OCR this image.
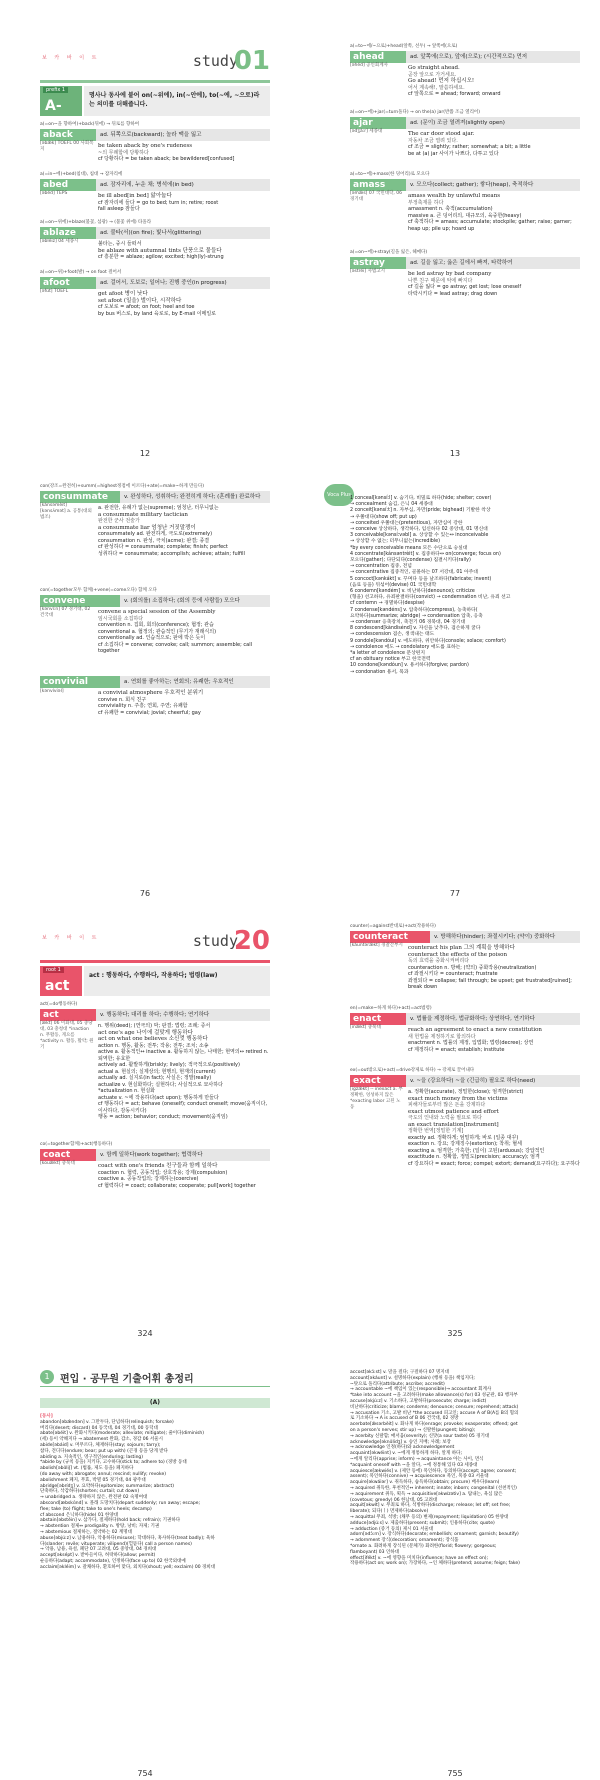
보 카 바 이 트	study
01
prefix 1
A-
명사나 동사에 붙어 on(~위에), in(~안에), to(~에, ~으로)라는 의미를 더해줍니다.
a(=on~을 향하여)+back(뒤에) → 뒤로를 향하여
aback	ad. 뒤쪽으로(backward); 놀라 맥을 잃고
[əbǽk] TOEFL 00 사회복지
be taken aback by one's rudeness
~의 무례함에 당황하다
cf 당황하다 = be taken aback; be bewildered[confused]
a(=in~에)+bed(침대), 침대 → 잠자리에
abed	ad. 잠자리에, 누운 채; 병석에(in bed)
[əbéd] TEPS	be ill abed[in bed] 앓아눕다
cf 잠자리에 들다 = go to bed; turn in; retire; roost
fall asleep 잠들다
a(=on~위에)+blaze(불꽃, 섬광) → (불꽃 위에) 타올라
ablaze	ad. 불타(서)(on fire); 빛나서(glittering)
[əbléiz] 04 세종시	불타는, 중시 들떠서
be ablaze with autumnal tints 단풍으로 물들다
cf 흥분한 = ablaze; agilow; excited; high(ly)-strung
a(=on~위)+foot(발) → on foot 걸어서
afoot	ad. 걸어서, 도보로; 일어나; 진행 중인(in progress)
[əfút] TOEFL	get afoot 병이 낫다
set afoot (일을) 벌이다, 시작하다
cf 도보로 = afoot; on foot; heel and toe
by bus 버스로, by land 육로로, by E-mail 이메일로
12
a(=to~에/~으로)+head(앞쪽, 선두) → 앞쪽에(으로)
ahead	ad. 앞쪽에(으로), 앞에(으로); (시간적으로) 먼저
[əhéd] 공인회계사	Go straight ahead.
곧장 앞으로 가거세요.
Go ahead! 먼저 하십시오!
어서 계속해!, 말씀하세요.
cf 앞쪽으로 = ahead; forward; onward
a(=on~에)+jar(=turn돌다) → on the(a) jar(반쯤 조금 열리어)
ajar	ad. (문이) 조금 열려져(slightly open)
[ədʒáːr] 세종대	The car door stood ajar.
자동차 조금 열려 있다.
cf 조금 = slightly; rather; somewhat; a bit; a little
be at (a) jar 사이가 나쁘다, 다투고 있다
a(=to~에)+mass(한 덩어리)로 모으다
amass	v. 모으다(collect; gather); 쌓다(heap), 축적하다
[əmǽs] 07 국민대학, 06 경기대
amass wealth by unlawful means
부정축재를 하다
amassment n. 축적(accumulation)
massive a. 큰 덩어리의, 대규모의, 육중한(heavy)
cf 축적하다 = amass; accumulate; stockpile; gather; raise; garner; heap up; pile up; hoard up
a(=on~에)+stray(길을 잃은, 헤매다)
astray	ad. 길을 잃고; 옳은 길에서 빠져, 타락하여
[əstréi] 사법고시	be led astray by bad company
나쁜 친구 때문에 악에 빠지다
cf 길을 잃다 = go astray; get lost; lose oneself
타락시키다 = lead astray; drag down
13
con(강조=완전히)+summ(=highest정점에 이르다)+ate(=make~하게 만들다)
consummate	v. 완성하다, 성취하다; 완전히게 하다; (혼례를) 완료하다
[kánsəmèit] [kənsʌ́mət] a. 공통(대외법조)
a. 완전한, 유례가 없는(supreme); 엄청난, 터무니없는
a consummate military tactician
완전한 군사 전술가
a consummate liar 엄청난 거짓말쟁이
consummately ad. 완전하게, 극도로(extremely)
consummation n. 완성, 극치(acme); 완결; 종결
cf 완성하다 = consummate; complete; finish; perfect
성취하다 = consummate; accomplish; achieve; attain; fulfill
con(=together모두 함께)+vene(=come오다) 함께 오다
convene	v. (회의를) 소집하다; (회의 등에 사람들) 모으다
[kənvíːn] 07 경기대, 02 건국대
convene a special session of the Assembly
임시국회를 소집하다
convention n. 집회, 회의(conference); 협정; 관습
conventional a. 협정의; 관습적인 (무기가 재래식의)
conventionally ad. 인습적으로; 판에 박은 듯이
cf 소집하다 = convene; convoke; call; summon; assemble; call together
convivial	a. 연회를 좋아하는; 연회의; 유쾌한; 우호적인
[kənvíviəl]	a convivial atmosphere 우호적인 분위기
convive n. 회식 친구
conviviality n. 주흥; 연회, 주연; 유쾌함
cf 유쾌한 = convivial; jovial; cheerful; gay
76
Voca Plus
1 conceal[kənsíːl] v. 숨기다, 비밀로 하다(hide; shelter; cover)
→ concealment 숨김, 은닉 04 세종대
2 conceit[kənsíːt] n. 자부심, 자만(pride; bighead) 기발한 착상
→ 우쭐대다(show off; put up)
→ conceited 우쭐대는(pretentious), 자만심이 강한
→ conceive 상상하다, 생각하다, 임신하다 02 중앙대, 01 명신대
3 conceivable[kənsíːvəbl] a. 상상할 수 있는↔ inconceivable
→ 상상할 수 없는; 터무니없는(incredible)
*by every conceivable means 모든 수단으로 숭실대
4 concentrate[kánsəntrèit] v. 집중하다↔ on(converge; focus on)
모으다(gather); 다단되다(condense) 집결시키다(rally)
→ concentration 집중, 전념
→ concentrative 집중적인, 골몰하는 07 서강대, 01 아주대
5 concoct[kənkákt] v. 꾸며다 등을 날조하다(fabricate; invent)
(음료 등을) 뒤섞어(devise) 01 국민대학
6 condemn[kəndém] v. 비난하다(denounce); criticize
(형을) 선고하다, 유죄판결하다(convict) → condemnation 비난, 유죄 선고
cf contemn → 경멸하다(despise)
7 condense[kəndéns] v. 압축하다(compress), 농축하다(
요약하다(summarize; abridge) → condensation 압축, 응축
→ condenser 응축장치, 축전기 06 경북대, 04 경기대
8 condescend[kàndisénd] v. 자신을 낮추다, 겸손하게 굴다
→ condescension 겸손, 생색내는 태도
9 condole[kəndóul] v. 애도하다, 위안하다(console; solace; comfort)
→ condolence 애도 → condolatory 애도를 표하는
*a letter of condolence 문상편지
cf an obituary notice 부고 한국전력
10 condone[kəndóun] v. 용서하다(forgive; pardon)
→ condonation 용서, 묵과
77
보 카 바 이 트	study
20
root 1
act
act : 행동하다, 수행하다, 작용하다; 법령(law)
act(=do행동하다)
act	v. 행동하다; 대리를 하다; 수행하다; 연기하다
[ækt] 06 이화대, 05 충당대, 03 충청대 *inaction n. 무활동, 게으름 *activity n. 활동, 활약; 원기
n. 행위(deed); (연극의) 막; 판결; 법령; 조례; 증서
act one's age 나이에 걸맞게 행동하다
act on what one believes 소신껏 행동하다
action n. 행동, 활동; 전투; 작용; 전투; 조치; 소송
active a. 활동적인↔ inactive a. 활동하지 않는, 나태한; 현역의↔ retired n. 퇴역한; 유효한
actively ad. 활발하게(briskly; lively); 적극적으로(positively)
actual a. 현실의; 실제상의; 현행의, 현재의(current)
actually ad. 실지로(in fact); 사실은; 정말(really)
actualize v. 현실화하다; 실현하다; 사실적으로 묘사하다
*actualization n. 현실화
actuate v. ~에 작용하다(act upon); 행동하게 만들다
cf 행동하다 = act; behave (oneself); conduct oneself; move(움직이다, 이사하다, 감동시키다)
행동 = action; behavior; conduct; movement(움직임)
co(=together함께)+act(행동하다)
coact	v. 함께 일하다(work together); 협력하다
[kouǽkt] 충북대	coact with one's friends 친구들과 함께 일하다
coaction n. 협력, 공동작업; 상호작용; 강제(compulsion)
coactive a. 공동작업의; 강제하는(coercive)
cf 협력하다 = coact; collaborate; cooperate; pull[work] together
324
counter(=against반대로)+act(작용하다)
counteract	v. 방해하다(hinder); 좌절시키다; (약이) 중화하다
[kàuntərǽkt] 경찰간부시 counteract his plan 그의 계획을 방해하다
counteract the effects of the poison
독의 효력을 중화시켜버리다
counteraction n. 방해; (약의) 중화작용(neutralization)
cf 좌절시키다 = counteract; frustrate
좌절되다 = collapse; fall through; be upset; get frustrated[ruined]; break down
en(=make~하게 하다)+act(=act법령)
enact	v. 법률을 제정하다, 법규화하다; 상연하다, 연기하다
[inǽkt] 충북대	reach an agreement to enact a new constitution
새 헌법을 제정하기로 합의하다
enactment n. 법률의 제정, 입법화; 법령(decree); 상연
cf 제정하다 = enact; establish; institute
ex(=out밖으로)+act(=drive강제로 하다) → 강제로 끌어내다
exact	v. ~을 (강요하다) ~을 (긴급히) 필요로 하다(need)
[igzǽkt] -- inexact a. 부정확한, 엉성하지 않은 *exacting labor 고된 노동
a. 정확한(accurate), 정밀한(close); 엄격한(strict)
exact much money from the victims
피해자들로부터 많은 돈을 강제하다
exact utmost patience and effort
극도의 인내와 노력을 필요로 하다
an exact translation[instrument]
정확한 번역[정밀한 기계]
exactly ad. 정확하게; 엄밀하게; 바로 (일종 대꾸)
exaction n. 강요; 강제징수(extortion); 착취; 혈세
exacting a. 엄격한; 가혹한; (일이) 고된(arduous); 강압적인
exactitude n. 정확함, 정밀도(precision; accuracy); 엄격
cf 강요하다 = exact; force; compel; extort; demand(요구하다); 요구하다
325
1	편입 · 공무원 기출어휘 총정리
(A)
[동사]
abandon[əbǽndən] v. 그만두다, 단념하다(relinquish; forsake)
버리다(desert; discard) 04 동국대, 04 경기대, 00 동덕대
abate[əbéit] v. 완화시키다(moderate; alleviate; mitigate); 줄이다(diminish)
(세) 등이 약해지다 → abatement 완화, 감소, 경감 06 서울시
abide[əbáid] v. 머무르다, 체재하다(stay; sojourn; tarry);
참다, 견디다(endure; bear; put up with) (곤경 등을 당게 받다
abiding a. 지속적인, 영구적인(enduring; lasting)
*abide by (규칙 등을) 지키다, 고수하다(stick to; adhere to) (경방 동대
abolish[əbɑ́liʃ] vt. (법률, 제도 등을) 폐지하다
(do away with; abrogate; annul; rescind; nullify; revoke)
abolishment 폐지, 무효, 박멸 05 경기대, 04 광주대
abridge[əbrídʒ] v. 요약하다(epitomize; summarize; abstract)
단축하다, 삭감하다(shorten; curtail; cut down)
→ unabridged a. 생략하지 않은, 완전판 02 숙명여대
abscond[æbskɑ́nd] v. 몰래 도망치다(depart suddenly; run away; escape;
flee; take (to) flight; take to one's heels; decamp)
cf abscond 은닉하다(hide) 01 한양대
abstain[əbstéin] v. 삼가다, 절제하다(hold back; refrain); 기권하다
→ abstention 절제↔ prodigality n. 방탕, 낭비; 자제; 기권
→ abstemious 절제하는, 절약하는 02 계명대
abuse[əbjúːz] v. 남용하다, 악용하다(misuse); 학대하다, 혹사하다(treat badly); 욕하
다(slander; revile; vituperate; vilipend)(헐뜯다) call a person names)
→ 악용, 남용, 욕설, 폐단 07 고려대, 05 중앙대, 04 경희대
accept[əksépt] v. 받아들이다, 허락하다(allow; permit)
순응하다(adapt; accommodate), 인정하다(face up to) 02 한국외대예
acclaim[əkléim] v. 갈채하다, 환호하여 맞다, 외치다(shout; yell; exclaim) 00 경희대
754
accost[əkɔ́ːst] v. 말을 걸다; 구걸하다 07 명지대
account[əkáunt] v. 설명하다(explain) (행위 등을) 책임지다;
~탓으로 돌리다(attribute; ascribe; accredit)
→ accountable ~에 책임이 있는(responsible)→ accountant 회계사
*take into account ~을 고려하다(make allowance(s) for) 03 성균관, 03 행자부
accuse[əkjúːz] v. 기소하다, 고발하다(prosecute; charge; indict)
비난하다(criticize; blame; condemn; denounce; censure; reprehend; attack)
→ accusation 기소, 고발 비난 *the accused 피고인; accuse A of B(A를 B의 혐의
로 기소하다 → A is accused of B 06 건국대, 02 경방
acerbate[ǽsərbèit] v. 화나게 하다(enrage; provoke; exasperate; offend; get
on a person's nerves; stir up) → 신랄한(pungent; biting);
→ acerbity 신랄함; 매서움(severity); 신맛(a sour taste) 05 경기대
acknowledge[əknɑ́lidʒ] v. 승인 지배; 사례; 보장
→ acknowledge 인정(하다)와 acknowledgement
acquaint[əkwéint] v. ~에게 정통하게 하다, 알게 하다;
~에게 알리다(apprise; inform) → acquaintance 아는 사이, 면식
*acquaint oneself with ~을 알다, ~에 정통해 있다 03 세종대
acquiesce[ækwiés] v. (제안 등에) 묵인하다, 동의하다(accept; agree; consent;
assent); 묵인하다(connive) → acquiescence 묵인, 묵종 03 서울대
acquire[əkwáiər] v. 취득하다, 습득하다(obtain; procure) 배우다(learn)
→ acquired 취득한, 후천적인↔ inherent; innate; inborn; congenital (선천적인)
→ acquirement 취득, 획득 → acquisitive[əkwízətiv] a. 탐내는, 욕심 많은
(covetous; greedy) 06 한남대, 05 고려대
acquit[əkwít] v. 무죄로 하다, 석방하다(discharge; release; let off; set free;
liberate); 되다(ㅣ) 면제하다(absolve)
→ acquittal 무죄, 석방; (채무 등의) 변제(repayment; liquidation) 05 한양대
adduce[ədjúːs] v. 제출하다(present; submit); 인용하다(cite; quote)
→ adduction (증거 등의) 제시 01 서울대
adorn[ədɔ́ːrn] v. 장식하다(decorate; embellish; ornament; garnish; beautify)
→ adornment 장식(decoration; ornament); 장식품
*ornate a. 화려하게 장식된 (문체가) 화려한(florid; flowery; gorgeous;
flamboyant) 03 인하대
effect[ifékt] v. ~에 영향을 미치다(influence; have an effect on);
작용하다(act on; work on); 가장하다, ~인 체하다(pretend; assume; feign; fake)
755
